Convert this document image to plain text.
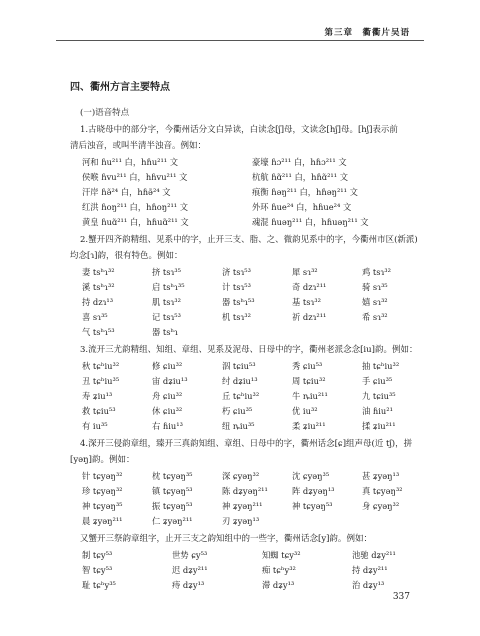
第三章　衢衢片吴语
四、衢州方言主要特点
(一)语音特点
1.古晓母中的部分字，今衢州话分文白异读，白读念[ʃ]母，文读念[hʃ]母。[hʃ]表示前
清后浊音，或叫半清半浊音。例如：
河和 ɦu²¹¹ 白，hɦu²¹¹ 文	豪壕 ɦɔ²¹¹ 白，hɦɔ²¹¹ 文
侯喉 ɦvu²¹¹ 白，hɦvu²¹¹ 文	杭航 ɦɑ̃²¹¹ 白，hɦɑ̃²¹¹ 文
汗岸 ɦə̃²⁴ 白，hɦə̃²⁴ 文	痕衡 ɦəŋ²¹¹ 白，hɦəŋ²¹¹ 文
红洪 ɦoŋ²¹¹ 白，hɦoŋ²¹¹ 文	外环 ɦue²⁴ 白，hɦue²⁴ 文
黄皇 ɦuɑ̃²¹¹ 白，hɦuɑ̃²¹¹ 文	魂混 ɦuəŋ²¹¹ 白，hɦuəŋ²¹¹ 文
2.蟹开四齐韵精组、见系中的字，止开三支、脂、之、微韵见系中的字，今衢州市区(新派)
均念[ɿ]韵，很有特色。例如：
妻 tsʰɿ³²	挤 tsɿ³⁵	济 tsɿ⁵³	犀 sɿ³²	鸡 tsɿ³²
溪 tsʰɿ³²	启 tsʰɿ³⁵	计 tsɿ⁵³	奇 dzɿ²¹¹	骑 sɿ³⁵
持 dzɿ¹³	肌 tsɿ³²	器 tsʰɿ⁵³	基 tsɿ³²	嬉 sɿ³²
喜 sɿ³⁵	记 tsɿ⁵³	机 tsɿ³²	祈 dzɿ²¹¹	希 sɿ³²
气 tsʰɿ⁵³	器 tsʰɿ
3.流开三尤韵精组、知组、章组、见系及泥母、日母中的字，衢州老派念念[iu]韵。例如：
秋 tɕʰiu³²	修 ɕiu³²	泅 tɕiu⁵³	秀 ɕiu⁵³	抽 tɕʰiu³²
丑 tɕʰiu³⁵	宙 dʑiu¹³	纣 dʑiu¹³	周 tɕiu³²	手 ɕiu³⁵
寿 ʑiu¹³	舟 ɕiu³²	丘 tɕʰiu³²	牛 ȵiu²¹¹	九 tɕiu³⁵
救 tɕiu⁵³	休 ɕiu³²	朽 ɕiu³⁵	优 iu³²	油 ɦiu²¹
有 iu³⁵	右 ɦiu¹³	纽 ȵiu³⁵	柔 ʑiu²¹¹	揉 ʑiu²¹¹
4.深开三侵韵章组，臻开三真韵知组、章组、日母中的字，衢州话念[ɕ]组声母(近 tʃ)，拼
[yəŋ]韵。例如：
针 tɕyəŋ³²	枕 tɕyəŋ³⁵	深 ɕyəŋ³²	沈 ɕyəŋ³⁵	甚 ʑyəŋ¹³
珍 tɕyəŋ³²	镇 tɕyəŋ⁵³	陈 dʑyəŋ²¹¹	阵 dʑyəŋ¹³	真 tɕyəŋ³²
神 tɕyəŋ³⁵	振 tɕyəŋ⁵³	神 ʑyəŋ²¹¹	神 tɕyəŋ⁵³	身 ɕyəŋ³²
晨 ʑyəŋ²¹¹	仁 ʑyəŋ²¹¹	刃 ʑyəŋ¹³
又蟹开三祭韵章组字，止开三支之韵知组中的一些字，衢州话念[y]韵。例如：
制 tɕy⁵³	世势 ɕy⁵³	知蜘 tɕy³²	池驰 dʑy²¹¹
智 tɕy⁵³	迟 dʑy²¹¹	痴 tɕʰy³²	持 dʑy²¹¹
耻 tɕʰy³⁵	痔 dʑy¹³	滞 dʑy¹³	治 dʑy¹³
337
